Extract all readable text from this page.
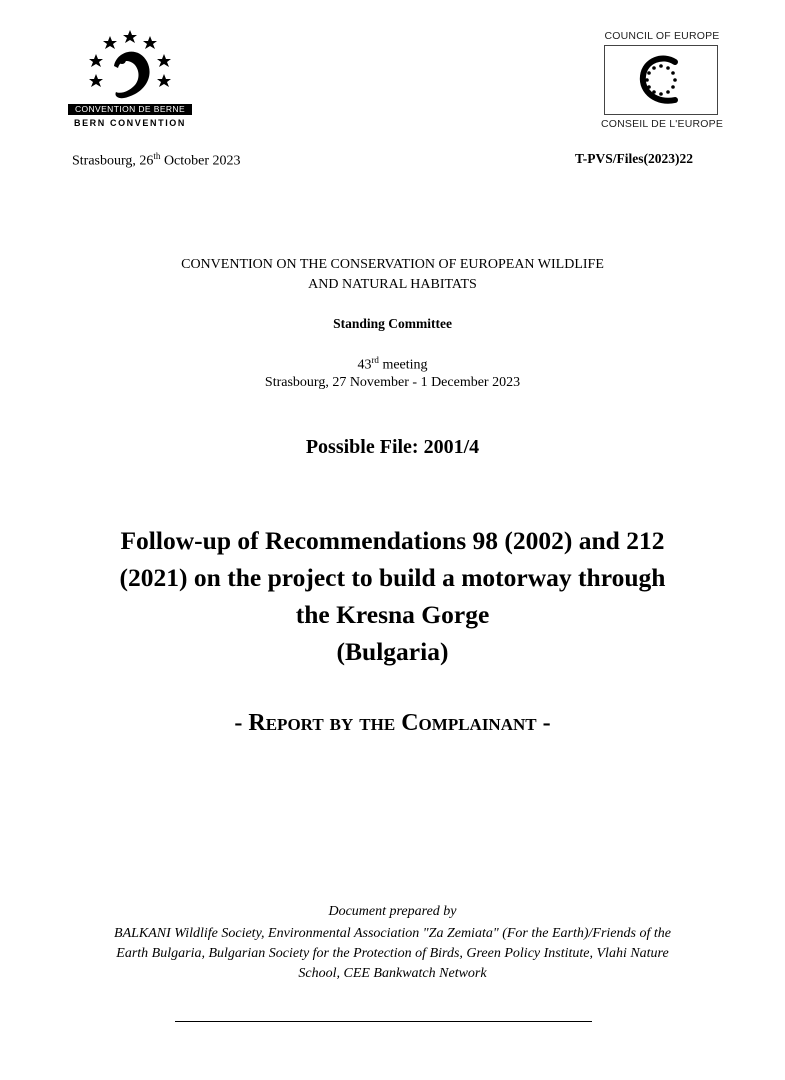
CONVENTION DE BERNE
BERN CONVENTION
COUNCIL OF EUROPE
CONSEIL DE L'EUROPE
Strasbourg, 26th October 2023	T-PVS/Files(2023)22
CONVENTION ON THE CONSERVATION OF EUROPEAN WILDLIFE
AND NATURAL HABITATS
Standing Committee
43rd meeting
Strasbourg, 27 November - 1 December 2023
Possible File: 2001/4
Follow-up of Recommendations 98 (2002) and 212
(2021) on the project to build a motorway through
the Kresna Gorge
(Bulgaria)
- Report by the Complainant -
Document prepared by
BALKANI Wildlife Society, Environmental Association "Za Zemiata" (For the Earth)/Friends of the
Earth Bulgaria, Bulgarian Society for the Protection of Birds, Green Policy Institute, Vlahi Nature
School, CEE Bankwatch Network
